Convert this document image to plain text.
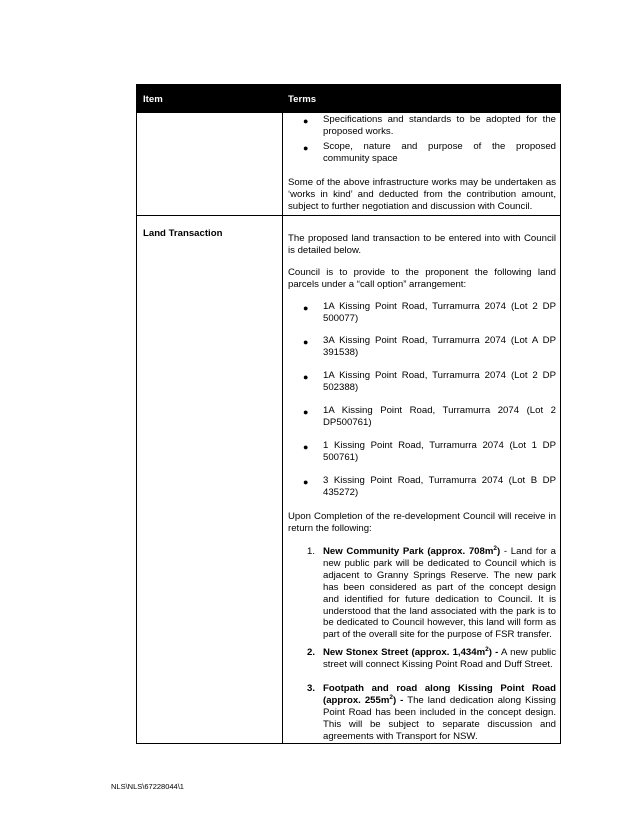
Item	Terms
● Specifications and standards to be adopted for the proposed works.
● Scope, nature and purpose of the proposed community space
Some of the above infrastructure works may be undertaken as ‘works in kind’ and deducted from the contribution amount, subject to further negotiation and discussion with Council.
Land Transaction	The proposed land transaction to be entered into with Council is detailed below.
Council is to provide to the proponent the following land parcels under a “call option” arrangement:
● 1A Kissing Point Road, Turramurra 2074 (Lot 2 DP 500077)
● 3A Kissing Point Road, Turramurra 2074 (Lot A DP 391538)
● 1A Kissing Point Road, Turramurra 2074 (Lot 2 DP 502388)
● 1A Kissing Point Road, Turramurra 2074 (Lot 2 DP500761)
● 1 Kissing Point Road, Turramurra 2074 (Lot 1 DP 500761)
● 3 Kissing Point Road, Turramurra 2074 (Lot B DP 435272)
Upon Completion of the re-development Council will receive in return the following:
1. New Community Park (approx. $708m^2$) - Land for a new public park will be dedicated to Council which is adjacent to Granny Springs Reserve. The new park has been considered as part of the concept design and identified for future dedication to Council. It is understood that the land associated with the park is to be dedicated to Council however, this land will form as part of the overall site for the purpose of FSR transfer.
2. New Stonex Street (approx. $1,434m^2$) - A new public street will connect Kissing Point Road and Duff Street.
3. Footpath and road along Kissing Point Road (approx. $255m^2$) - The land dedication along Kissing Point Road has been included in the concept design. This will be subject to separate discussion and agreements with Transport for NSW.
NLS\NLS\67228044\1
